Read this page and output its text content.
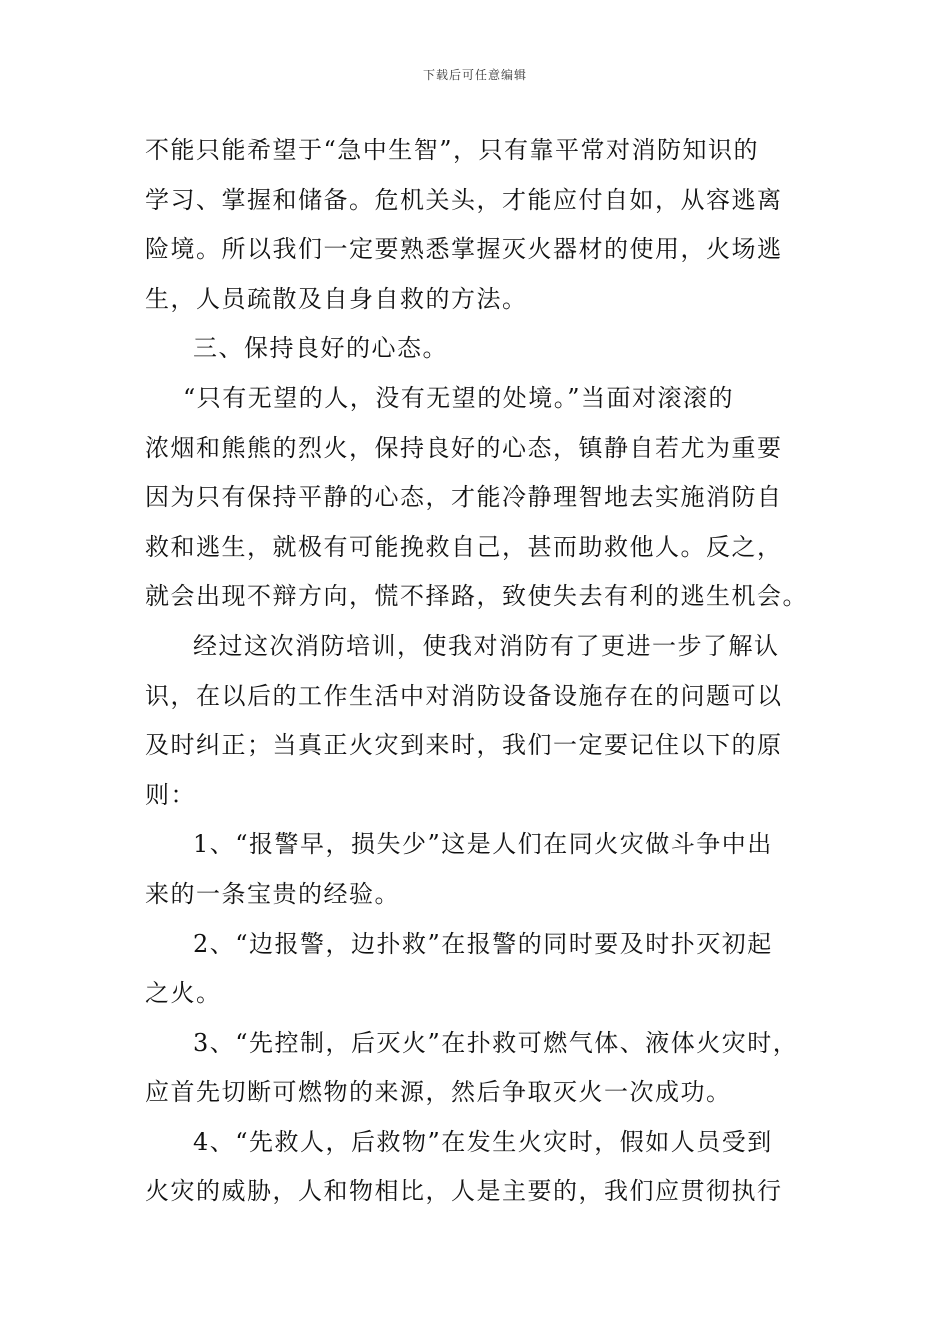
下载后可任意编辑
不能只能希望于“急中生智”，只有靠平常对消防知识的
学习、掌握和储备。危机关头，才能应付自如，从容逃离
险境。所以我们一定要熟悉掌握灭火器材的使用，火场逃
生，人员疏散及自身自救的方法。
三、保持良好的心态。
“只有无望的人，没有无望的处境。”当面对滚滚的
浓烟和熊熊的烈火，保持良好的心态，镇静自若尤为重要
因为只有保持平静的心态，才能冷静理智地去实施消防自
救和逃生，就极有可能挽救自己，甚而助救他人。反之，
就会出现不辩方向，慌不择路，致使失去有利的逃生机会。
经过这次消防培训，使我对消防有了更进一步了解认
识，在以后的工作生活中对消防设备设施存在的问题可以
及时纠正；当真正火灾到来时，我们一定要记住以下的原
则：
1、“报警早，损失少”这是人们在同火灾做斗争中出
来的一条宝贵的经验。
2、“边报警，边扑救”在报警的同时要及时扑灭初起
之火。
3、“先控制，后灭火”在扑救可燃气体、液体火灾时，
应首先切断可燃物的来源，然后争取灭火一次成功。
4、“先救人，后救物”在发生火灾时，假如人员受到
火灾的威胁，人和物相比，人是主要的，我们应贯彻执行
